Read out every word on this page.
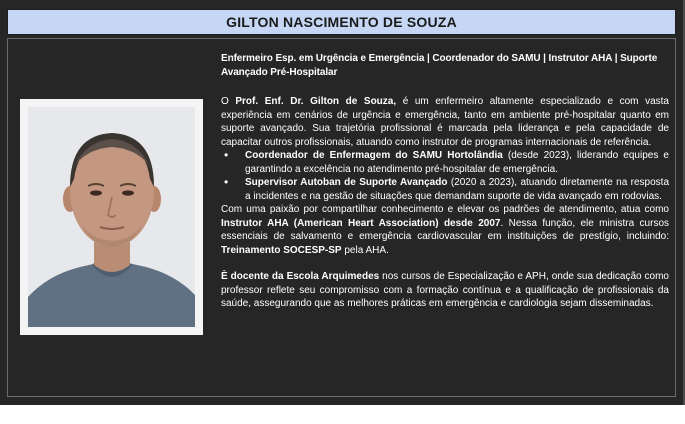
GILTON NASCIMENTO DE SOUZA
Enfermeiro Esp. em Urgência e Emergência | Coordenador do SAMU | Instrutor AHA | Suporte Avançado Pré-Hospitalar

O Prof. Enf. Dr. Gilton de Souza, é um enfermeiro altamente especializado e com vasta experiência em cenários de urgência e emergência, tanto em ambiente pré-hospitalar quanto em suporte avançado. Sua trajetória profissional é marcada pela liderança e pela capacidade de capacitar outros profissionais, atuando como instrutor de programas internacionais de referência.

• Coordenador de Enfermagem do SAMU Hortolândia (desde 2023), liderando equipes e garantindo a excelência no atendimento pré-hospitalar de emergência.
• Supervisor Autoban de Suporte Avançado (2020 a 2023), atuando diretamente na resposta a incidentes e na gestão de situações que demandam suporte de vida avançado em rodovias.

Com uma paixão por compartilhar conhecimento e elevar os padrões de atendimento, atua como Instrutor AHA (American Heart Association) desde 2007. Nessa função, ele ministra cursos essenciais de salvamento e emergência cardiovascular em instituições de prestígio, incluindo: Treinamento SOCESP-SP pela AHA.

È docente da Escola Arquimedes nos cursos de Especialização e APH, onde sua dedicação como professor reflete seu compromisso com a formação contínua e a qualificação de profissionais da saúde, assegurando que as melhores práticas em emergência e cardiologia sejam disseminadas.
